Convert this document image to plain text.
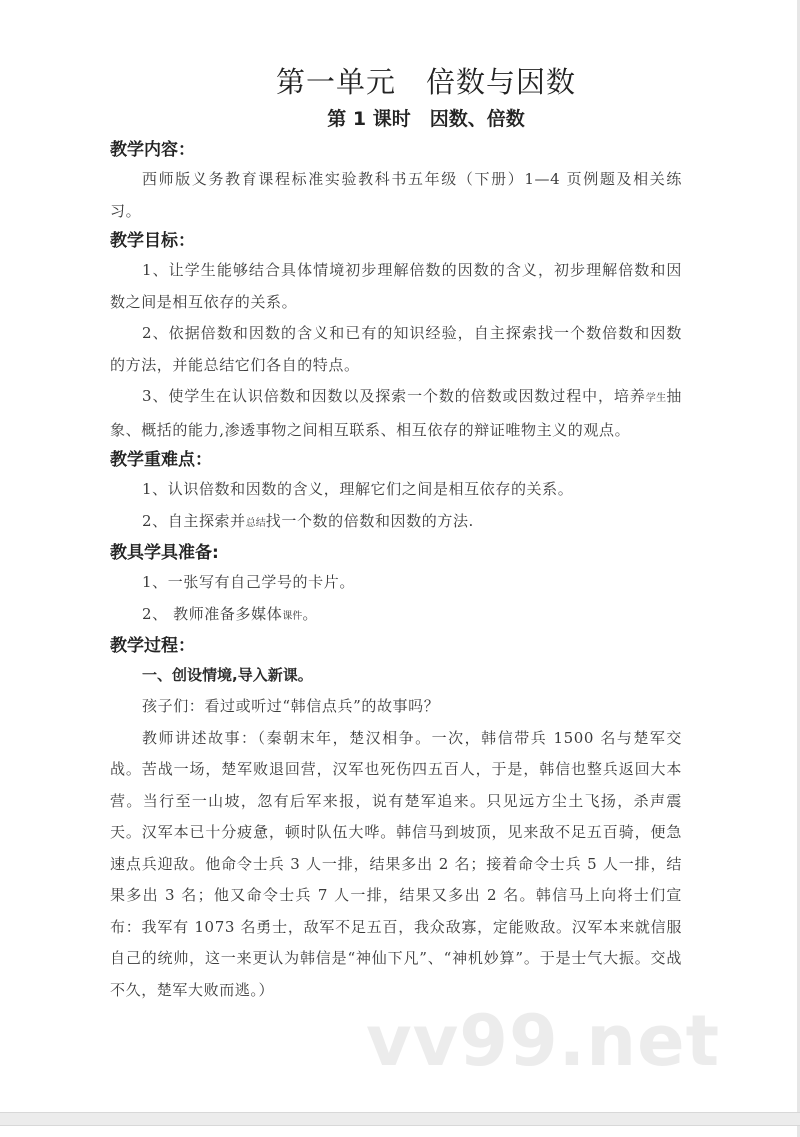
第一单元　倍数与因数
第 1 课时　因数、倍数
教学内容：

西师版义务教育课程标准实验教科书五年级（下册）1—4 页例题及相关练习。

教学目标：

1、让学生能够结合具体情境初步理解倍数的因数的含义，初步理解倍数和因数之间是相互依存的关系。

2、依据倍数和因数的含义和已有的知识经验，自主探索找一个数倍数和因数的方法，并能总结它们各自的特点。

3、使学生在认识倍数和因数以及探索一个数的倍数或因数过程中，培养学生抽象、概括的能力,渗透事物之间相互联系、相互依存的辩证唯物主义的观点。

教学重难点：

1、认识倍数和因数的含义，理解它们之间是相互依存的关系。

2、自主探索并总结找一个数的倍数和因数的方法.

教具学具准备:

1、一张写有自己学号的卡片。

2、 教师准备多媒体课件。

教学过程：

一、创设情境,导入新课。

孩子们：看过或听过“韩信点兵”的故事吗？

教师讲述故事：（秦朝末年，楚汉相争。一次，韩信带兵 1500 名与楚军交战。苦战一场，楚军败退回营，汉军也死伤四五百人，于是，韩信也整兵返回大本营。当行至一山坡，忽有后军来报，说有楚军追来。只见远方尘土飞扬，杀声震天。汉军本已十分疲惫，顿时队伍大哗。韩信马到坡顶，见来敌不足五百骑，便急速点兵迎敌。他命令士兵 3 人一排，结果多出 2 名；接着命令士兵 5 人一排，结果多出 3 名；他又命令士兵 7 人一排，结果又多出 2 名。韩信马上向将士们宣布：我军有 1073 名勇士，敌军不足五百，我众敌寡，定能败敌。汉军本来就信服自己的统帅，这一来更认为韩信是“神仙下凡”、“神机妙算”。于是士气大振。交战不久，楚军大败而逃。）

vv99.net
